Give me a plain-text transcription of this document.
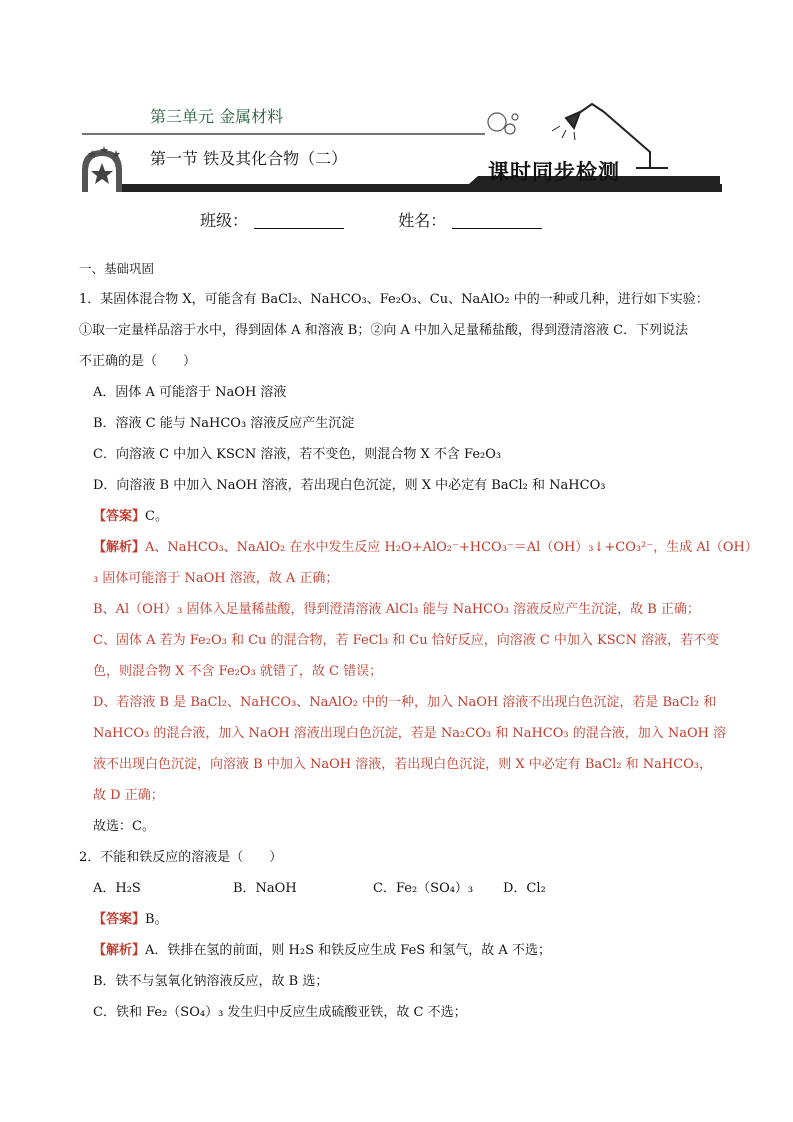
第三单元 金属材料
第一节 铁及其化合物（二）
课时同步检测
班级：	姓名：
一、基础巩固
1．某固体混合物 X，可能含有 BaCl₂、NaHCO₃、Fe₂O₃、Cu、NaAlO₂ 中的一种或几种，进行如下实验：
①取一定量样品溶于水中，得到固体 A 和溶液 B；②向 A 中加入足量稀盐酸，得到澄清溶液 C．下列说法
不正确的是（　　）
A．固体 A 可能溶于 NaOH 溶液
B．溶液 C 能与 NaHCO₃ 溶液反应产生沉淀
C．向溶液 C 中加入 KSCN 溶液，若不变色，则混合物 X 不含 Fe₂O₃
D．向溶液 B 中加入 NaOH 溶液，若出现白色沉淀，则 X 中必定有 BaCl₂ 和 NaHCO₃
【答案】C。
【解析】A、NaHCO₃、NaAlO₂ 在水中发生反应 H₂O+AlO₂⁻+HCO₃⁻＝Al（OH）₃↓+CO₃²⁻，生成 Al（OH）
₃ 固体可能溶于 NaOH 溶液，故 A 正确；
B、Al（OH）₃ 固体入足量稀盐酸，得到澄清溶液 AlCl₃ 能与 NaHCO₃ 溶液反应产生沉淀，故 B 正确；
C、固体 A 若为 Fe₂O₃ 和 Cu 的混合物，若 FeCl₃ 和 Cu 恰好反应，向溶液 C 中加入 KSCN 溶液，若不变
色，则混合物 X 不含 Fe₂O₃ 就错了，故 C 错误；
D、若溶液 B 是 BaCl₂、NaHCO₃、NaAlO₂ 中的一种，加入 NaOH 溶液不出现白色沉淀，若是 BaCl₂ 和
NaHCO₃ 的混合液，加入 NaOH 溶液出现白色沉淀，若是 Na₂CO₃ 和 NaHCO₃ 的混合液，加入 NaOH 溶
液不出现白色沉淀，向溶液 B 中加入 NaOH 溶液，若出现白色沉淀，则 X 中必定有 BaCl₂ 和 NaHCO₃，
故 D 正确；
故选：C。
2．不能和铁反应的溶液是（　　）
A．H₂S	B．NaOH	C．Fe₂（SO₄）₃ D．Cl₂
【答案】B。
【解析】A．铁排在氢的前面，则 H₂S 和铁反应生成 FeS 和氢气，故 A 不选；
B．铁不与氢氧化钠溶液反应，故 B 选；
C．铁和 Fe₂（SO₄）₃ 发生归中反应生成硫酸亚铁，故 C 不选；
